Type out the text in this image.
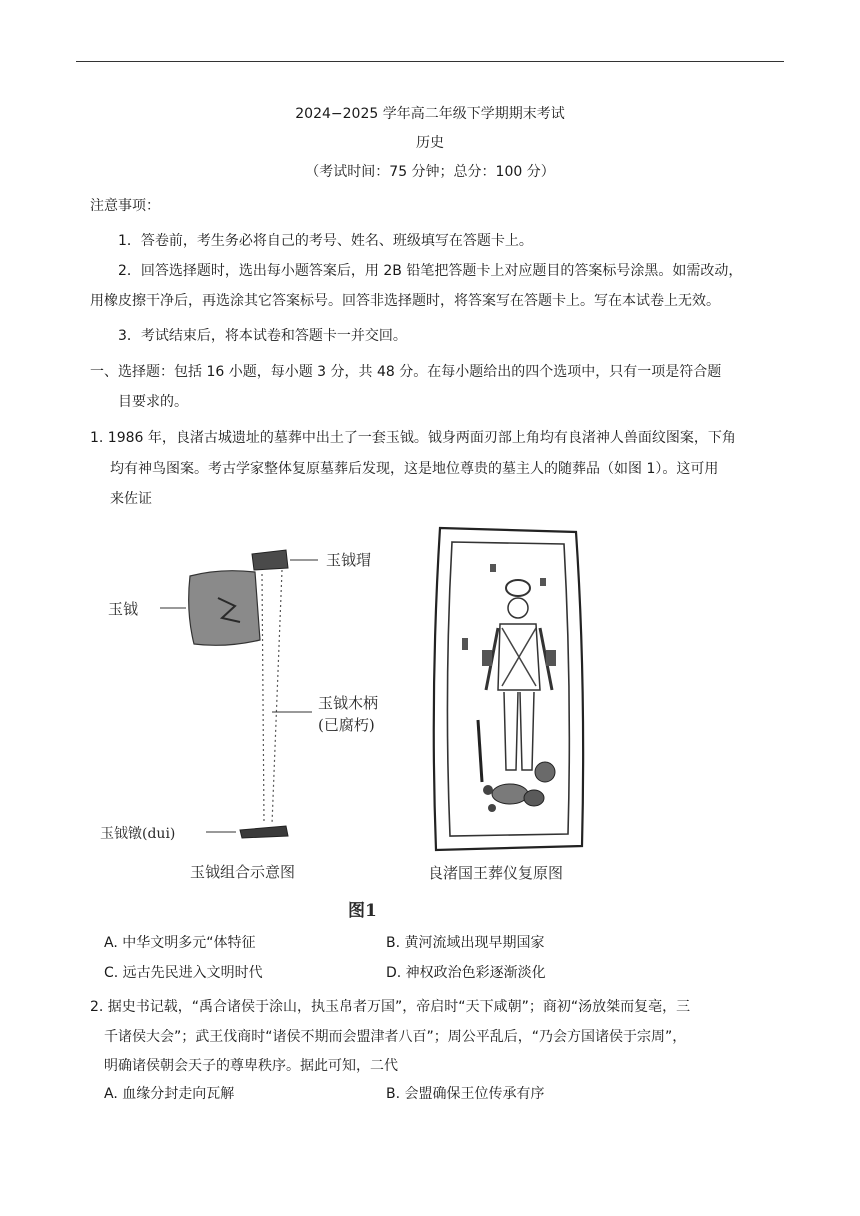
2024−2025 学年高二年级下学期期末考试
历史
（考试时间：75 分钟；总分：100 分）
注意事项：
1．答卷前，考生务必将自己的考号、姓名、班级填写在答题卡上。
2．回答选择题时，选出每小题答案后，用 2B 铅笔把答题卡上对应题目的答案标号涂黑。如需改动，
用橡皮擦干净后，再选涂其它答案标号。回答非选择题时，将答案写在答题卡上。写在本试卷上无效。
3．考试结束后，将本试卷和答题卡一并交回。
一、选择题：包括 16 小题，每小题 3 分，共 48 分。在每小题给出的四个选项中，只有一项是符合题
目要求的。
1. 1986 年，良渚古城遗址的墓葬中出土了一套玉钺。钺身两面刃部上角均有良渚神人兽面纹图案，下角
均有神鸟图案。考古学家整体复原墓葬后发现，这是地位尊贵的墓主人的随葬品（如图 1）。这可用
来佐证
玉钺瑁
玉钺
玉钺木柄
(已腐朽)
玉钺镦(dui)
玉钺组合示意图	良渚国王葬仪复原图
图1
A. 中华文明多元“体特征	B. 黄河流域出现早期国家
C. 远古先民进入文明时代	D. 神权政治色彩逐渐淡化
2. 据史书记载，“禹合诸侯于涂山，执玉帛者万国”，帝启时“天下咸朝”；商初“汤放桀而复亳，三
千诸侯大会”；武王伐商时“诸侯不期而会盟津者八百”；周公平乱后，“乃会方国诸侯于宗周”，
明确诸侯朝会天子的尊卑秩序。据此可知，二代
A. 血缘分封走向瓦解	B. 会盟确保王位传承有序
